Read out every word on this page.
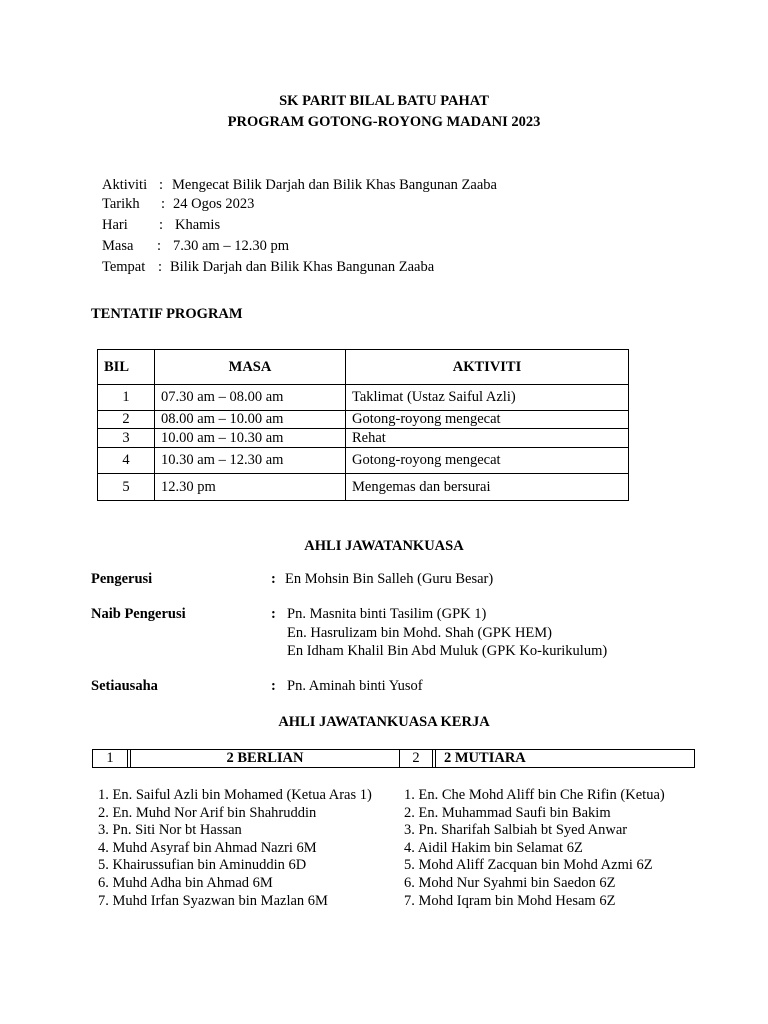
SK PARIT BILAL BATU PAHAT
PROGRAM GOTONG-ROYONG MADANI 2023
Aktiviti : Mengecat Bilik Darjah dan Bilik Khas Bangunan Zaaba
Tarikh : 24 Ogos 2023
Hari : Khamis
Masa : 7.30 am – 12.30 pm
Tempat : Bilik Darjah dan Bilik Khas Bangunan Zaaba
TENTATIF PROGRAM
BIL	MASA	AKTIVITI
1	07.30 am – 08.00 am	Taklimat (Ustaz Saiful Azli)
2	08.00 am – 10.00 am	Gotong-royong mengecat
3	10.00 am – 10.30 am	Rehat
4	10.30 am – 12.30 am	Gotong-royong mengecat
5	12.30 pm	Mengemas dan bersurai
AHLI JAWATANKUASA
Pengerusi	: En Mohsin Bin Salleh (Guru Besar)
Naib Pengerusi	: Pn. Masnita binti Tasilim (GPK 1)
En. Hasrulizam bin Mohd. Shah (GPK HEM)
En Idham Khalil Bin Abd Muluk (GPK Ko-kurikulum)
Setiausaha	: Pn. Aminah binti Yusof
AHLI JAWATANKUASA KERJA
1		2 BERLIAN	2		2 MUTIARA
1. En. Saiful Azli bin Mohamed (Ketua Aras 1)
2. En. Muhd Nor Arif bin Shahruddin
3. Pn. Siti Nor bt Hassan
4. Muhd Asyraf bin Ahmad Nazri 6M
5. Khairussufian bin Aminuddin 6D
6. Muhd Adha bin Ahmad 6M
7. Muhd Irfan Syazwan bin Mazlan 6M
1. En. Che Mohd Aliff bin Che Rifin (Ketua)
2. En. Muhammad Saufi bin Bakim
3. Pn. Sharifah Salbiah bt Syed Anwar
4. Aidil Hakim bin Selamat 6Z
5. Mohd Aliff Zacquan bin Mohd Azmi 6Z
6. Mohd Nur Syahmi bin Saedon 6Z
7. Mohd Iqram bin Mohd Hesam 6Z
